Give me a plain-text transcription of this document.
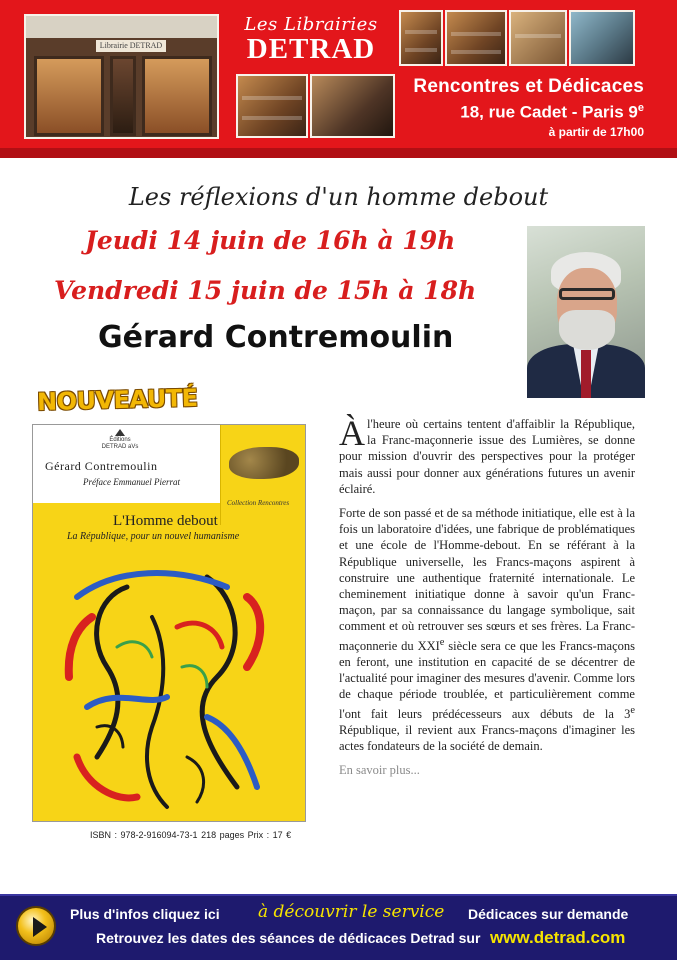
Librairie DETRAD
Les Librairies
DETRAD
Rencontres et Dédicaces
18, rue Cadet - Paris 9e
à partir de 17h00
Les réflexions d'un homme debout
Jeudi 14 juin de 16h à 19h
Vendredi 15 juin de 15h à 18h
Gérard Contremoulin
NOUVEAUTÉ
Éditions
DETRAD aVs
Gérard Contremoulin
Préface Emmanuel Pierrat
Collection Rencontres
L'Homme debout
La République, pour un nouvel humanisme
ISBN : 978-2-916094-73-1 218 pages Prix : 17 €

Àl'heure où certains tentent d'affaiblir la République, la Franc-maçonnerie issue des Lumières, se donne pour mission d'ouvrir des perspectives pour la protéger mais aussi pour donner aux générations futures un avenir éclairé.

Forte de son passé et de sa méthode initiatique, elle est à la fois un laboratoire d'idées, une fabrique de problématiques et une école de l'Homme-debout. En se référant à la République universelle, les Francs-maçons aspirent à construire une authentique fraternité internationale. Le cheminement initiatique donne à savoir qu'un Franc-maçon, par sa connaissance du langage symbolique, sait comment et où retrouver ses sœurs et ses frères. La Franc-maçonnerie du XXIe siècle sera ce que les Francs-maçons en feront, une institution en capacité de se décentrer de l'actualité pour imaginer des mesures d'avenir. Comme lors de chaque période troublée, et particulièrement comme l'ont fait leurs prédécesseurs aux débuts de la 3e République, il revient aux Francs-maçons d'imaginer les actes fondateurs de la société de demain.

En savoir plus...
Plus d'infos cliquez ici à découvrir le service Dédicaces sur demande
Retrouvez les dates des séances de dédicaces Detrad sur www.detrad.com
